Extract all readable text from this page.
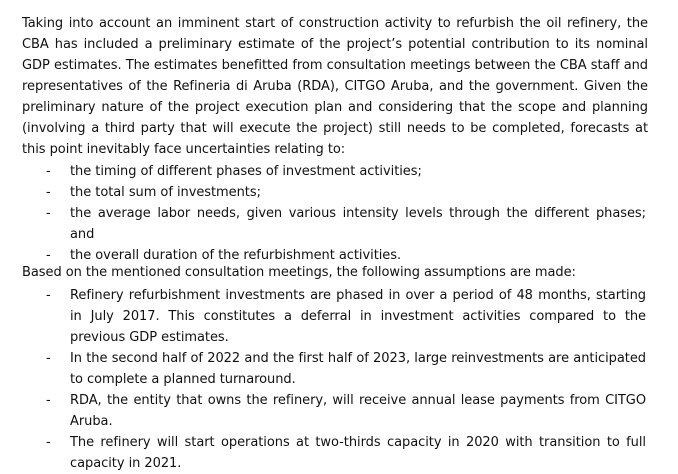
Taking into account an imminent start of construction activity to refurbish the oil refinery, the CBA has included a preliminary estimate of the project’s potential contribution to its nominal GDP estimates. The estimates benefitted from consultation meetings between the CBA staff and representatives of the Refineria di Aruba (RDA), CITGO Aruba, and the government. Given the preliminary nature of the project execution plan and considering that the scope and planning (involving a third party that will execute the project) still needs to be completed, forecasts at this point inevitably face uncertainties relating to:

- the timing of different phases of investment activities;
- the total sum of investments;
- the average labor needs, given various intensity levels through the different phases; and
- the overall duration of the refurbishment activities.

Based on the mentioned consultation meetings, the following assumptions are made:

- Refinery refurbishment investments are phased in over a period of 48 months, starting in July 2017. This constitutes a deferral in investment activities compared to the previous GDP estimates.
- In the second half of 2022 and the first half of 2023, large reinvestments are anticipated to complete a planned turnaround.
- RDA, the entity that owns the refinery, will receive annual lease payments from CITGO Aruba.
- The refinery will start operations at two-thirds capacity in 2020 with transition to full capacity in 2021.
